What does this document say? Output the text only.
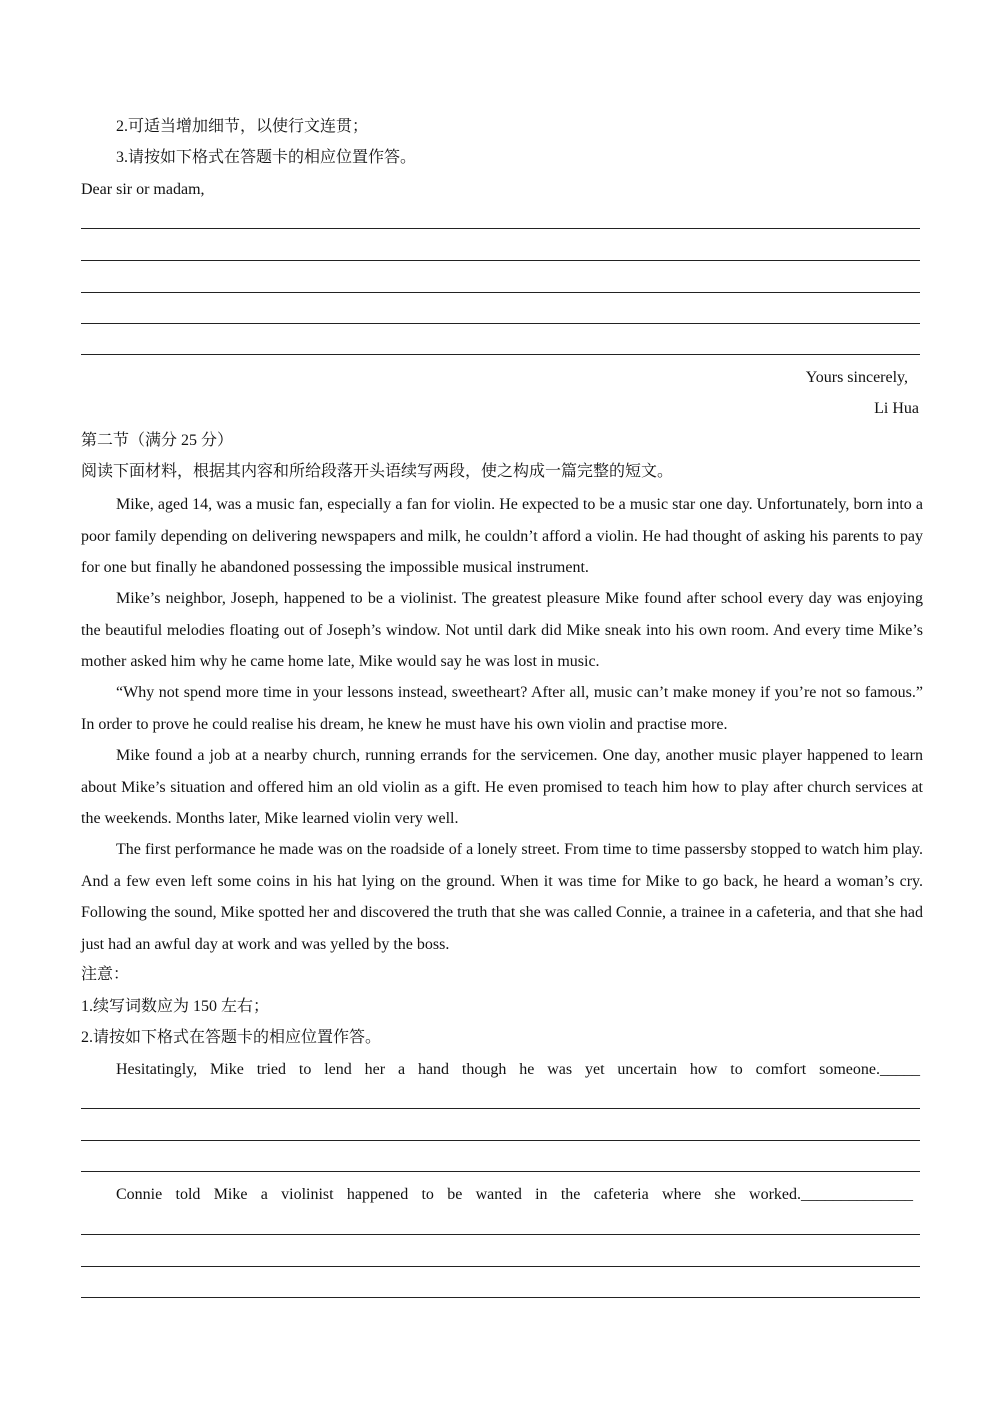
2.可适当增加细节，以使行文连贯；
3.请按如下格式在答题卡的相应位置作答。
Dear sir or madam,
Yours sincerely,
Li Hua
第二节（满分 25 分）
阅读下面材料，根据其内容和所给段落开头语续写两段，使之构成一篇完整的短文。

Mike, aged 14, was a music fan, especially a fan for violin. He expected to be a music star one day. Unfortunately, born into a poor family depending on delivering newspapers and milk, he couldn’t afford a violin. He had thought of asking his parents to pay for one but finally he abandoned possessing the impossible musical instrument.

Mike’s neighbor, Joseph, happened to be a violinist. The greatest pleasure Mike found after school every day was enjoying the beautiful melodies floating out of Joseph’s window. Not until dark did Mike sneak into his own room. And every time Mike’s mother asked him why he came home late, Mike would say he was lost in music.

“Why not spend more time in your lessons instead, sweetheart? After all, music can’t make money if you’re not so famous.” In order to prove he could realise his dream, he knew he must have his own violin and practise more.

Mike found a job at a nearby church, running errands for the servicemen. One day, another music player happened to learn about Mike’s situation and offered him an old violin as a gift. He even promised to teach him how to play after church services at the weekends. Months later, Mike learned violin very well.

The first performance he made was on the roadside of a lonely street. From time to time passersby stopped to watch him play. And a few even left some coins in his hat lying on the ground. When it was time for Mike to go back, he heard a woman’s cry. Following the sound, Mike spotted her and discovered the truth that she was called Connie, a trainee in a cafeteria, and that she had just had an awful day at work and was yelled by the boss.

注意：
1.续写词数应为 150 左右；
2.请按如下格式在答题卡的相应位置作答。

Hesitatingly, Mike tried to lend her a hand though he was yet uncertain how to comfort someone._____

Connie told Mike a violinist happened to be wanted in the cafeteria where she worked.______________
